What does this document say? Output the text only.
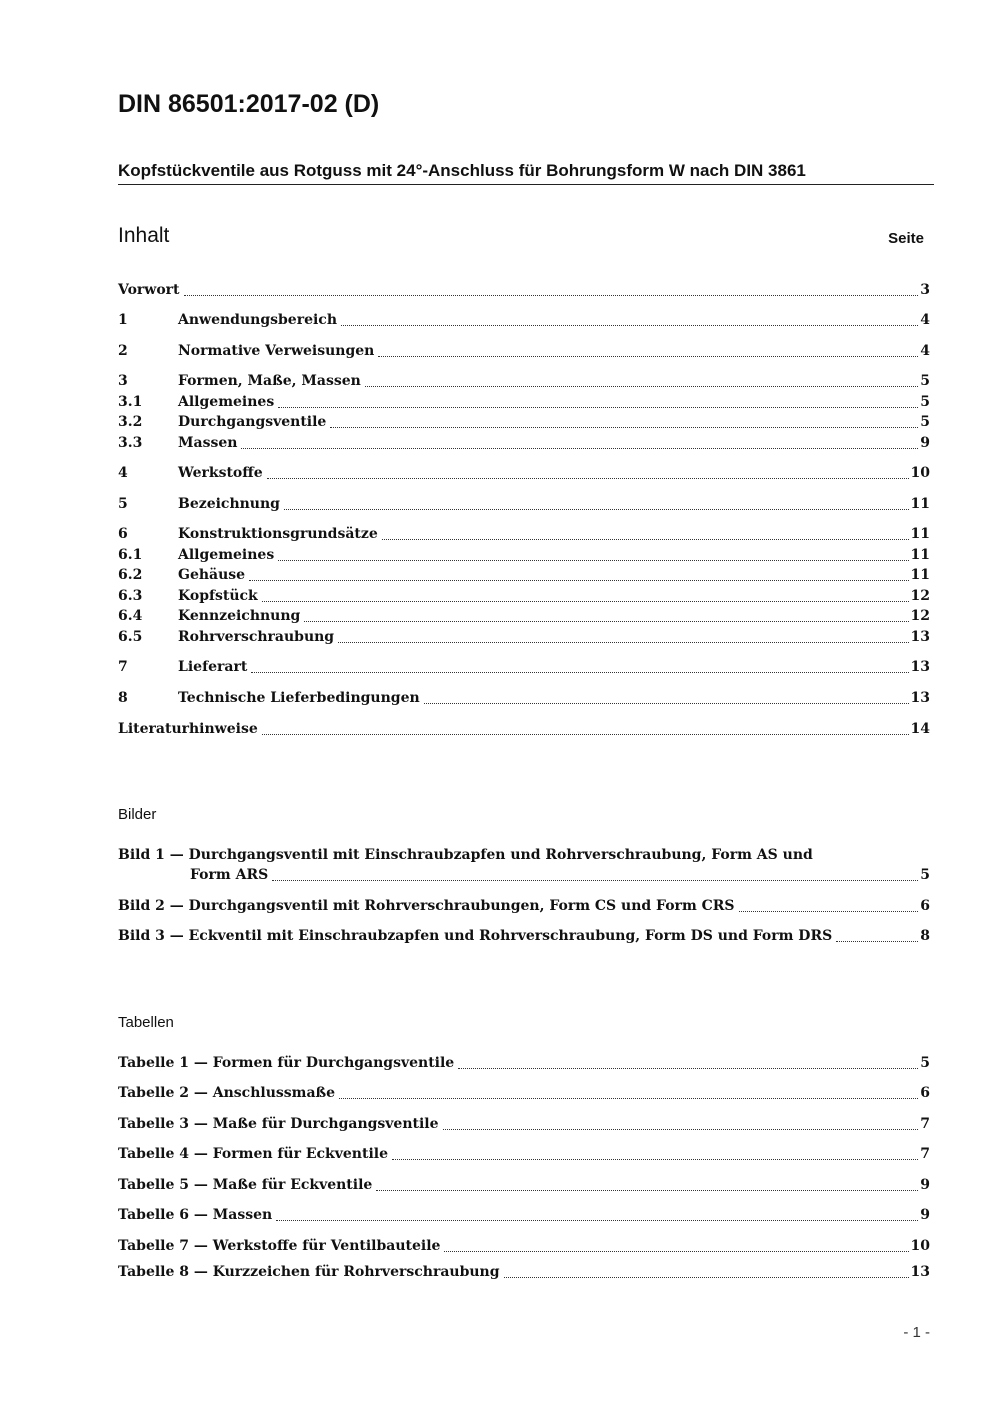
DIN 86501:2017-02 (D)
Kopfstückventile aus Rotguss mit 24°-Anschluss für Bohrungsform W nach DIN 3861
Inhalt	Seite
Vorwort	3
1	Anwendungsbereich	4
2	Normative Verweisungen	4
3	Formen, Maße, Massen	5
3.1	Allgemeines	5
3.2	Durchgangsventile	5
3.3	Massen	9
4	Werkstoffe	10
5	Bezeichnung	11
6	Konstruktionsgrundsätze	11
6.1	Allgemeines	11
6.2	Gehäuse	11
6.3	Kopfstück	12
6.4	Kennzeichnung	12
6.5	Rohrverschraubung	13
7	Lieferart	13
8	Technische Lieferbedingungen	13
Literaturhinweise	14
Bilder
Bild 1 — Durchgangsventil mit Einschraubzapfen und Rohrverschraubung, Form AS und
Form ARS	5
Bild 2 — Durchgangsventil mit Rohrverschraubungen, Form CS und Form CRS	6
Bild 3 — Eckventil mit Einschraubzapfen und Rohrverschraubung, Form DS und Form DRS	8
Tabellen
Tabelle 1 — Formen für Durchgangsventile	5
Tabelle 2 — Anschlussmaße	6
Tabelle 3 — Maße für Durchgangsventile	7
Tabelle 4 — Formen für Eckventile	7
Tabelle 5 — Maße für Eckventile	9
Tabelle 6 — Massen	9
Tabelle 7 — Werkstoffe für Ventilbauteile	10
Tabelle 8 — Kurzzeichen für Rohrverschraubung	13
- 1 -
